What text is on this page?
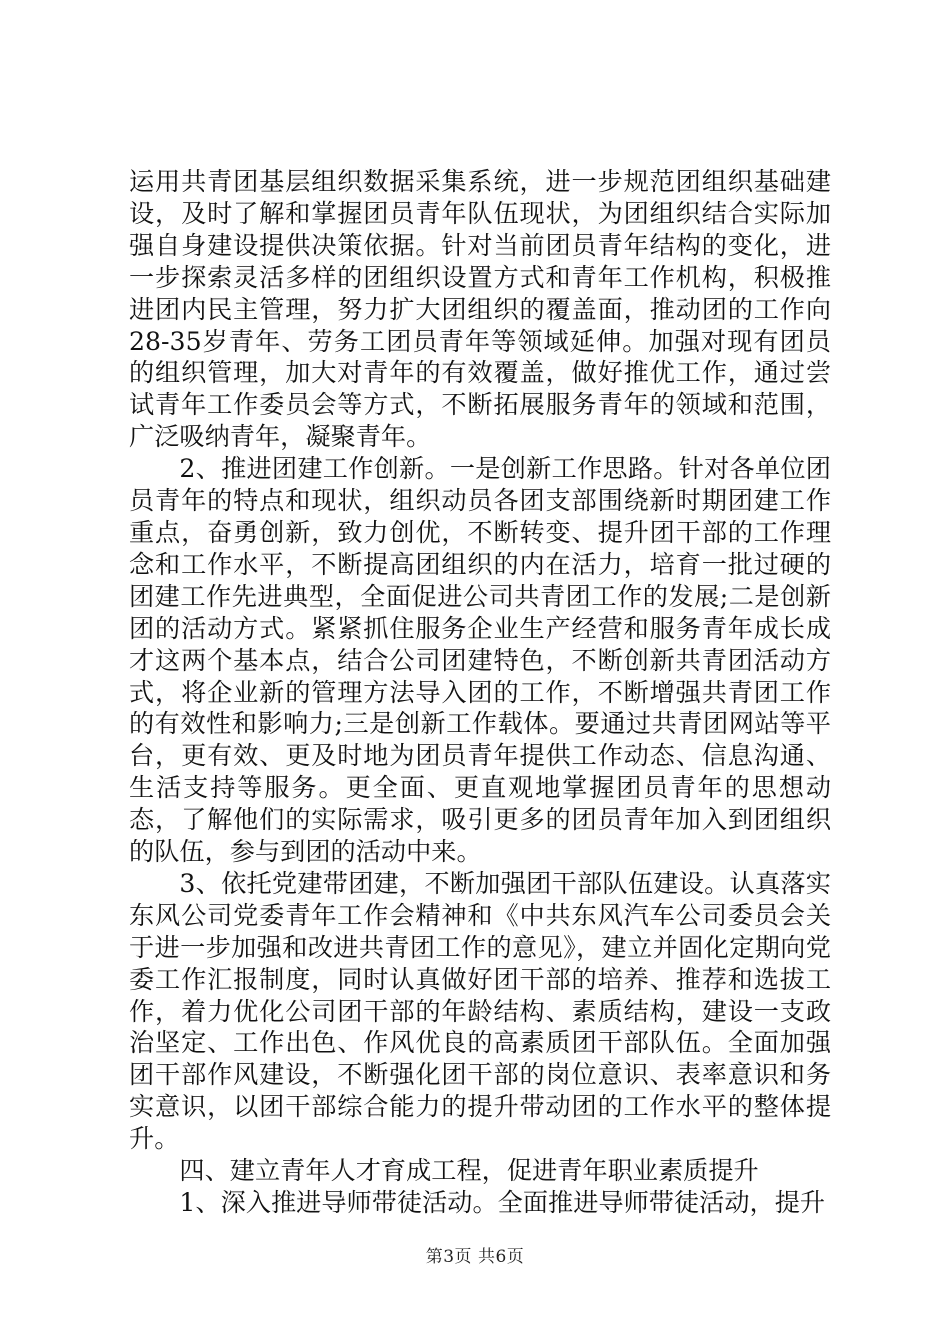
运用共青团基层组织数据采集系统，进一步规范团组织基础建设，及时了解和掌握团员青年队伍现状，为团组织结合实际加强自身建设提供决策依据。针对当前团员青年结构的变化，进一步探索灵活多样的团组织设置方式和青年工作机构，积极推进团内民主管理，努力扩大团组织的覆盖面，推动团的工作向28-35岁青年、劳务工团员青年等领域延伸。加强对现有团员的组织管理，加大对青年的有效覆盖，做好推优工作，通过尝试青年工作委员会等方式，不断拓展服务青年的领域和范围，广泛吸纳青年，凝聚青年。

2、推进团建工作创新。一是创新工作思路。针对各单位团员青年的特点和现状，组织动员各团支部围绕新时期团建工作重点，奋勇创新，致力创优，不断转变、提升团干部的工作理念和工作水平，不断提高团组织的内在活力，培育一批过硬的团建工作先进典型，全面促进公司共青团工作的发展;二是创新团的活动方式。紧紧抓住服务企业生产经营和服务青年成长成才这两个基本点，结合公司团建特色，不断创新共青团活动方式，将企业新的管理方法导入团的工作，不断增强共青团工作的有效性和影响力;三是创新工作载体。要通过共青团网站等平台，更有效、更及时地为团员青年提供工作动态、信息沟通、生活支持等服务。更全面、更直观地掌握团员青年的思想动态，了解他们的实际需求，吸引更多的团员青年加入到团组织的队伍，参与到团的活动中来。

3、依托党建带团建，不断加强团干部队伍建设。认真落实东风公司党委青年工作会精神和《中共东风汽车公司委员会关于进一步加强和改进共青团工作的意见》，建立并固化定期向党委工作汇报制度，同时认真做好团干部的培养、推荐和选拔工作，着力优化公司团干部的年龄结构、素质结构，建设一支政治坚定、工作出色、作风优良的高素质团干部队伍。全面加强团干部作风建设，不断强化团干部的岗位意识、表率意识和务实意识，以团干部综合能力的提升带动团的工作水平的整体提升。

四、建立青年人才育成工程，促进青年职业素质提升

1、深入推进导师带徒活动。全面推进导师带徒活动，提升

第3页 共6页
